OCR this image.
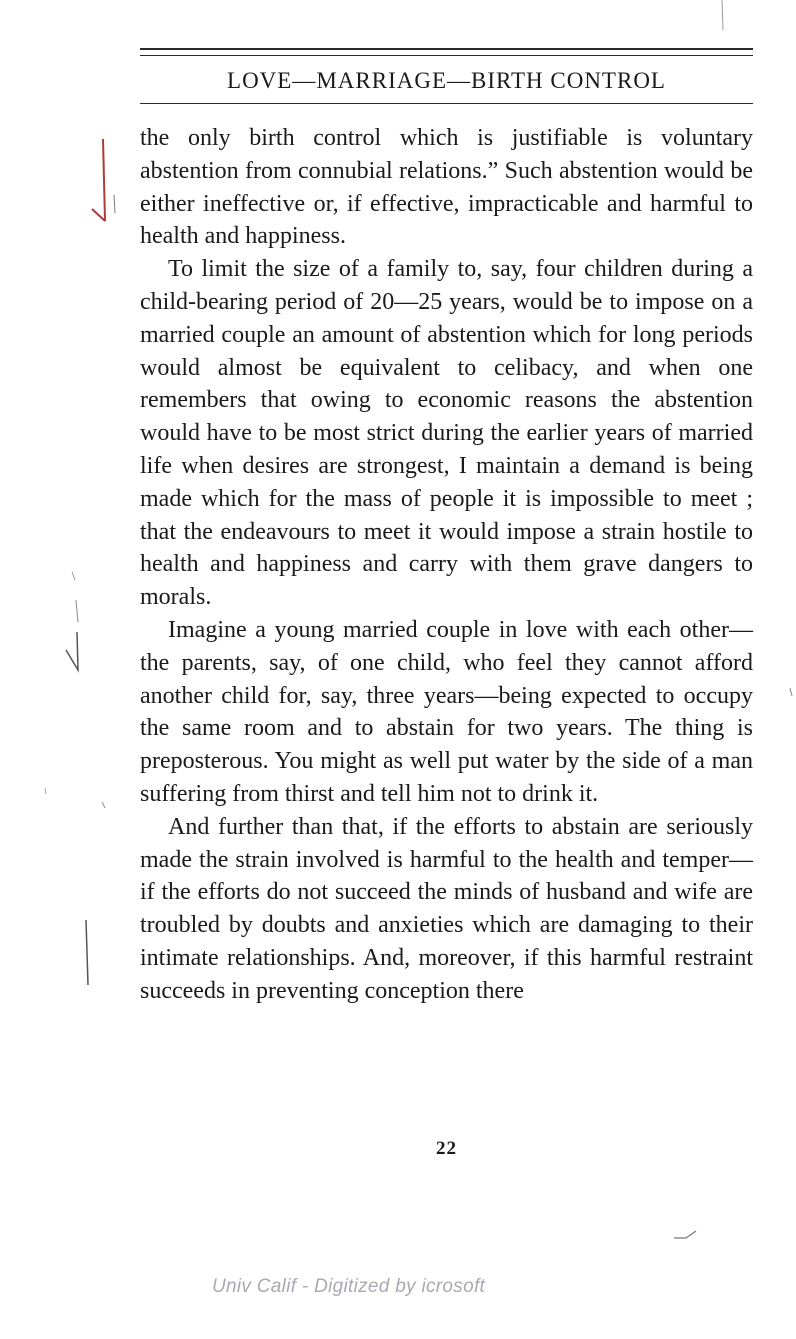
LOVE—MARRIAGE—BIRTH CONTROL

the only birth control which is justifiable is voluntary abstention from connubial relations.” Such abstention would be either ineffective or, if effective, impracticable and harmful to health and happiness.

To limit the size of a family to, say, four children during a child-bearing period of 20—25 years, would be to impose on a married couple an amount of abstention which for long periods would almost be equivalent to celibacy, and when one remembers that owing to economic reasons the abstention would have to be most strict during the earlier years of married life when desires are strongest, I maintain a demand is being made which for the mass of people it is impossible to meet ; that the endeavours to meet it would impose a strain hostile to health and happiness and carry with them grave dangers to morals.

Imagine a young married couple in love with each other—the parents, say, of one child, who feel they cannot afford another child for, say, three years—being expected to occupy the same room and to abstain for two years. The thing is preposterous. You might as well put water by the side of a man suffering from thirst and tell him not to drink it.

And further than that, if the efforts to abstain are seriously made the strain involved is harmful to the health and temper—if the efforts do not succeed the minds of husband and wife are troubled by doubts and anxieties which are damaging to their intimate relationships. And, moreover, if this harmful restraint succeeds in preventing conception there

22
Univ Calif - Digitized by icrosoft
